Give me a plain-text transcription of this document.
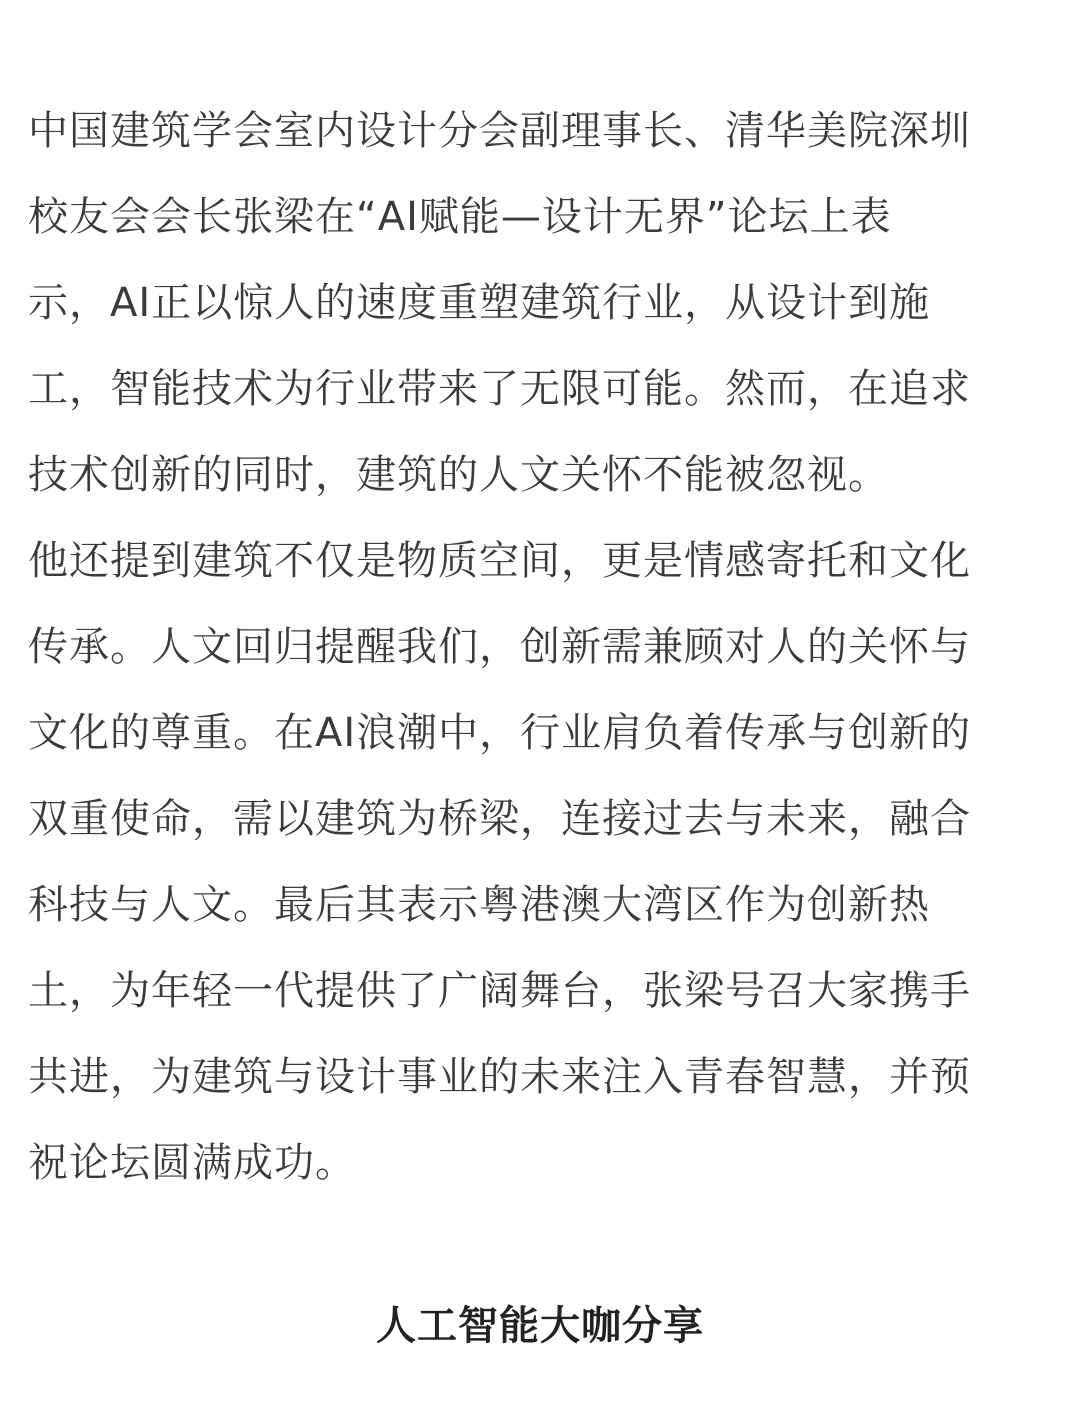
中国建筑学会室内设计分会副理事长、清华美院深圳
校友会会长张梁在“AI赋能—设计无界”论坛上表
示，AI正以惊人的速度重塑建筑行业，从设计到施
工，智能技术为行业带来了无限可能。然而，在追求
技术创新的同时，建筑的人文关怀不能被忽视。

他还提到建筑不仅是物质空间，更是情感寄托和文化
传承。人文回归提醒我们，创新需兼顾对人的关怀与
文化的尊重。在AI浪潮中，行业肩负着传承与创新的
双重使命，需以建筑为桥梁，连接过去与未来，融合
科技与人文。最后其表示粤港澳大湾区作为创新热
土，为年轻一代提供了广阔舞台，张梁号召大家携手
共进，为建筑与设计事业的未来注入青春智慧，并预
祝论坛圆满成功。

人工智能大咖分享
